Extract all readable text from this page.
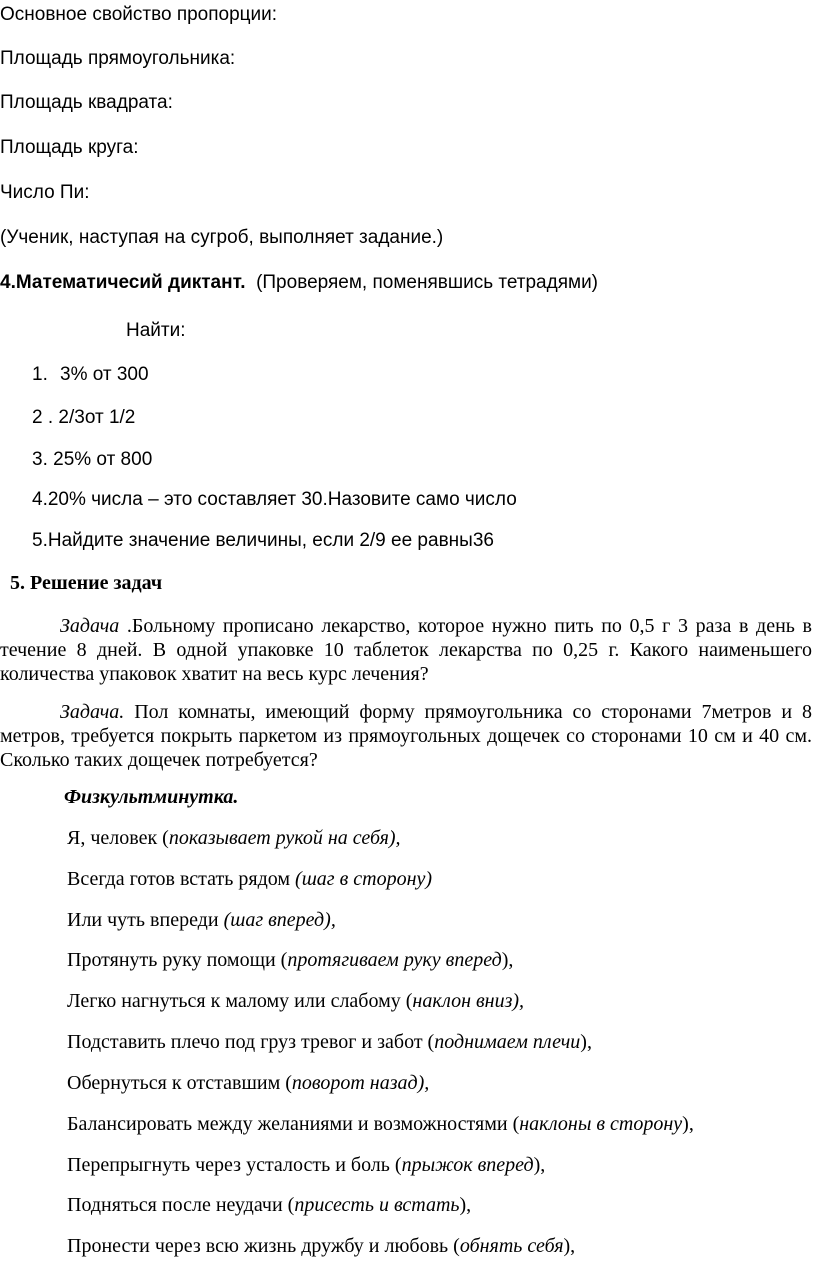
Основное свойство пропорции:
Площадь прямоугольника:
Площадь квадрата:
Площадь круга:
Число Пи:
(Ученик, наступая на сугроб, выполняет задание.)
4.Математичесий диктант. (Проверяем, поменявшись тетрадями)
Найти:
1. 3% от 300
2 . 2/3от 1/2
3. 25% от 800
4.20% числа – это составляет 30.Назовите само число
5.Найдите значение величины, если 2/9 ее равны36
5. Решение задач
Задача .Больному прописано лекарство, которое нужно пить по 0,5 г 3 раза в день в течение 8 дней. В одной упаковке 10 таблеток лекарства по 0,25 г. Какого наименьшего количества упаковок хватит на весь курс лечения?
Задача. Пол комнаты, имеющий форму прямоугольника со сторонами 7метров и 8 метров, требуется покрыть паркетом из прямоугольных дощечек со сторонами 10 см и 40 см. Сколько таких дощечек потребуется?
Физкультминутка.
Я, человек (показывает рукой на себя),
Всегда готов встать рядом (шаг в сторону)
Или чуть впереди (шаг вперед),
Протянуть руку помощи (протягиваем руку вперед),
Легко нагнуться к малому или слабому (наклон вниз),
Подставить плечо под груз тревог и забот (поднимаем плечи),
Обернуться к отставшим (поворот назад),
Балансировать между желаниями и возможностями (наклоны в сторону),
Перепрыгнуть через усталость и боль (прыжок вперед),
Подняться после неудачи (присесть и встать),
Пронести через всю жизнь дружбу и любовь (обнять себя),
